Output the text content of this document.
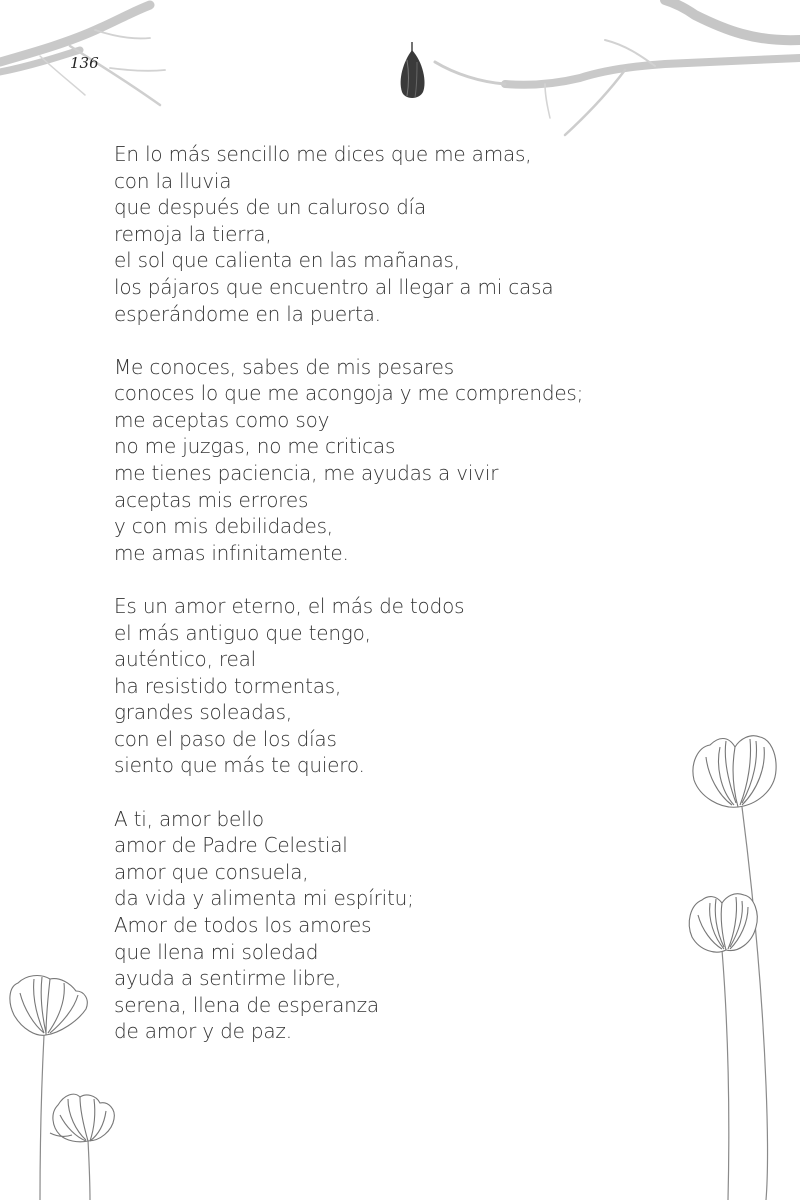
136
En lo más sencillo me dices que me amas,
con la lluvia
que después de un caluroso día
remoja la tierra,
el sol que calienta en las mañanas,
los pájaros que encuentro al llegar a mi casa
esperándome en la puerta.
Me conoces, sabes de mis pesares
conoces lo que me acongoja y me comprendes;
me aceptas como soy
no me juzgas, no me criticas
me tienes paciencia, me ayudas a vivir
aceptas mis errores
y con mis debilidades,
me amas infinitamente.
Es un amor eterno, el más de todos
el más antiguo que tengo,
auténtico, real
ha resistido tormentas,
grandes soleadas,
con el paso de los días
siento que más te quiero.
A ti, amor bello
amor de Padre Celestial
amor que consuela,
da vida y alimenta mi espíritu;
Amor de todos los amores
que llena mi soledad
ayuda a sentirme libre,
serena, llena de esperanza
de amor y de paz.
